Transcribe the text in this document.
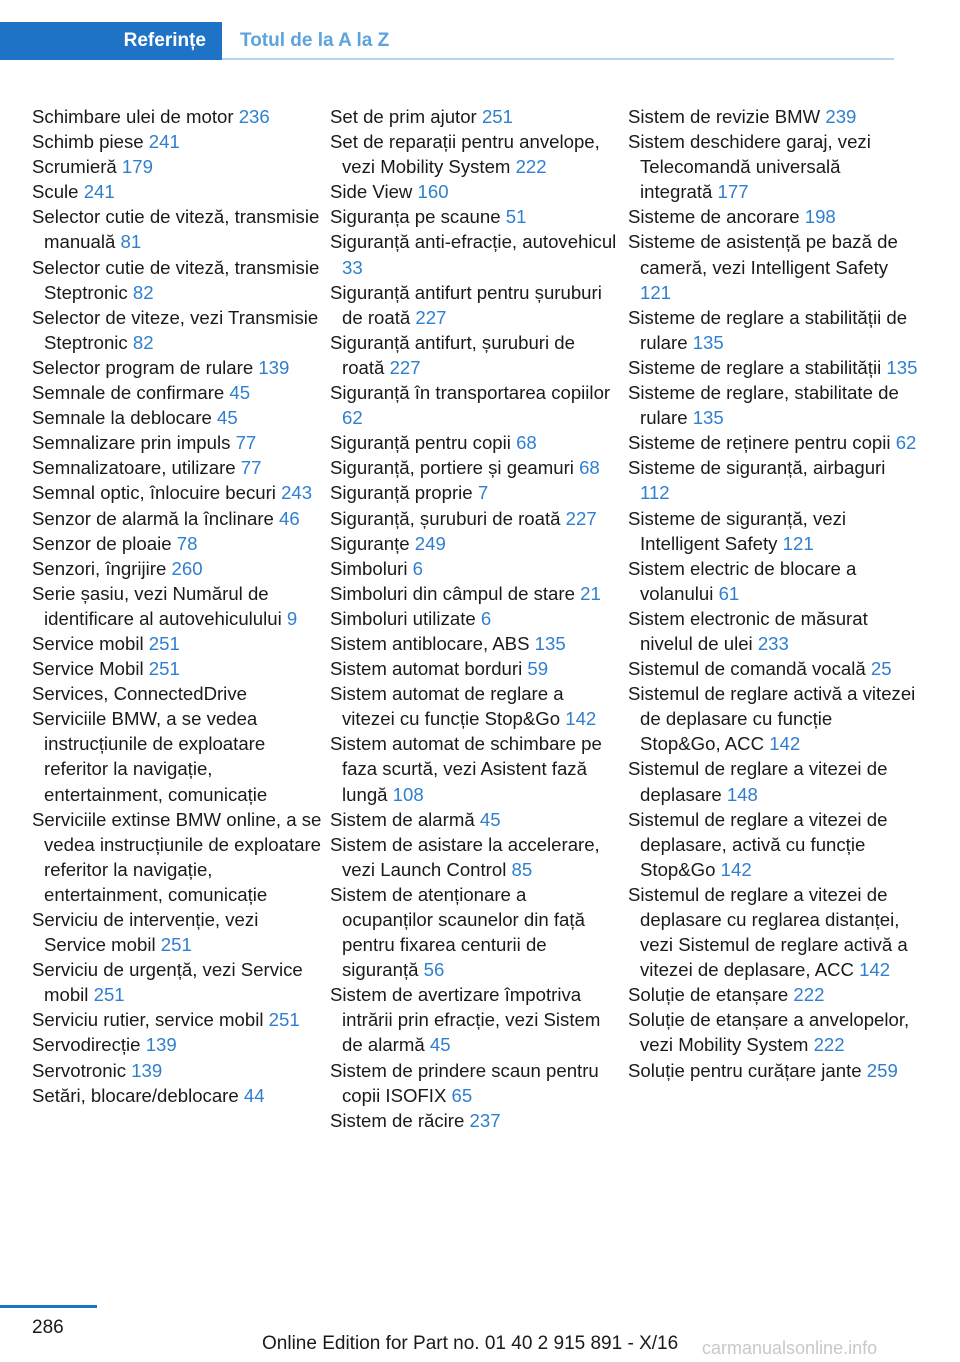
Referințe	Totul de la A la Z
Schimbare ulei de motor 236
Schimb piese 241
Scrumieră 179
Scule 241
Selector cutie de viteză, transmisie manuală 81
Selector cutie de viteză, transmisie Steptronic 82
Selector de viteze, vezi Transmisie Steptronic 82
Selector program de rulare 139
Semnale de confirmare 45
Semnale la deblocare 45
Semnalizare prin impuls 77
Semnalizatoare, utilizare 77
Semnal optic, înlocuire becuri 243
Senzor de alarmă la înclinare 46
Senzor de ploaie 78
Senzori, îngrijire 260
Serie șasiu, vezi Numărul de identificare al autovehiculului 9
Service mobil 251
Service Mobil 251
Services, ConnectedDrive
Serviciile BMW, a se vedea instrucțiunile de exploatare referitor la navigație, entertainment, comunicație
Serviciile extinse BMW online, a se vedea instrucțiunile de exploatare referitor la navigație, entertainment, comunicație
Serviciu de intervenție, vezi Service mobil 251
Serviciu de urgență, vezi Service mobil 251
Serviciu rutier, service mobil 251
Servodirecție 139
Servotronic 139
Setări, blocare/deblocare 44
Set de prim ajutor 251
Set de reparații pentru anvelope, vezi Mobility System 222
Side View 160
Siguranța pe scaune 51
Siguranță anti-efracție, autovehicul 33
Siguranță antifurt pentru șuruburi de roată 227
Siguranță antifurt, șuruburi de roată 227
Siguranță în transportarea copiilor 62
Siguranță pentru copii 68
Siguranță, portiere și geamuri 68
Siguranță proprie 7
Siguranță, șuruburi de roată 227
Siguranțe 249
Simboluri 6
Simboluri din câmpul de stare 21
Simboluri utilizate 6
Sistem antiblocare, ABS 135
Sistem automat borduri 59
Sistem automat de reglare a vitezei cu funcție Stop&Go 142
Sistem automat de schimbare pe faza scurtă, vezi Asistent fază lungă 108
Sistem de alarmă 45
Sistem de asistare la accelerare, vezi Launch Control 85
Sistem de atenționare a ocupanților scaunelor din față pentru fixarea centurii de siguranță 56
Sistem de avertizare împotriva intrării prin efracție, vezi Sistem de alarmă 45
Sistem de prindere scaun pentru copii ISOFIX 65
Sistem de răcire 237
Sistem de revizie BMW 239
Sistem deschidere garaj, vezi Telecomandă universală integrată 177
Sisteme de ancorare 198
Sisteme de asistență pe bază de cameră, vezi Intelligent Safety 121
Sisteme de reglare a stabilității de rulare 135
Sisteme de reglare a stabilității 135
Sisteme de reglare, stabilitate de rulare 135
Sisteme de reținere pentru copii 62
Sisteme de siguranță, airbaguri 112
Sisteme de siguranță, vezi Intelligent Safety 121
Sistem electric de blocare a volanului 61
Sistem electronic de măsurat nivelul de ulei 233
Sistemul de comandă vocală 25
Sistemul de reglare activă a vitezei de deplasare cu funcție Stop&Go, ACC 142
Sistemul de reglare a vitezei de deplasare 148
Sistemul de reglare a vitezei de deplasare, activă cu funcție Stop&Go 142
Sistemul de reglare a vitezei de deplasare cu reglarea distanței, vezi Sistemul de reglare activă a vitezei de deplasare, ACC 142
Soluție de etanșare 222
Soluție de etanșare a anvelopelor, vezi Mobility System 222
Soluție pentru curățare jante 259
286
Online Edition for Part no. 01 40 2 915 891 - X/16 carmanualsonline.info
